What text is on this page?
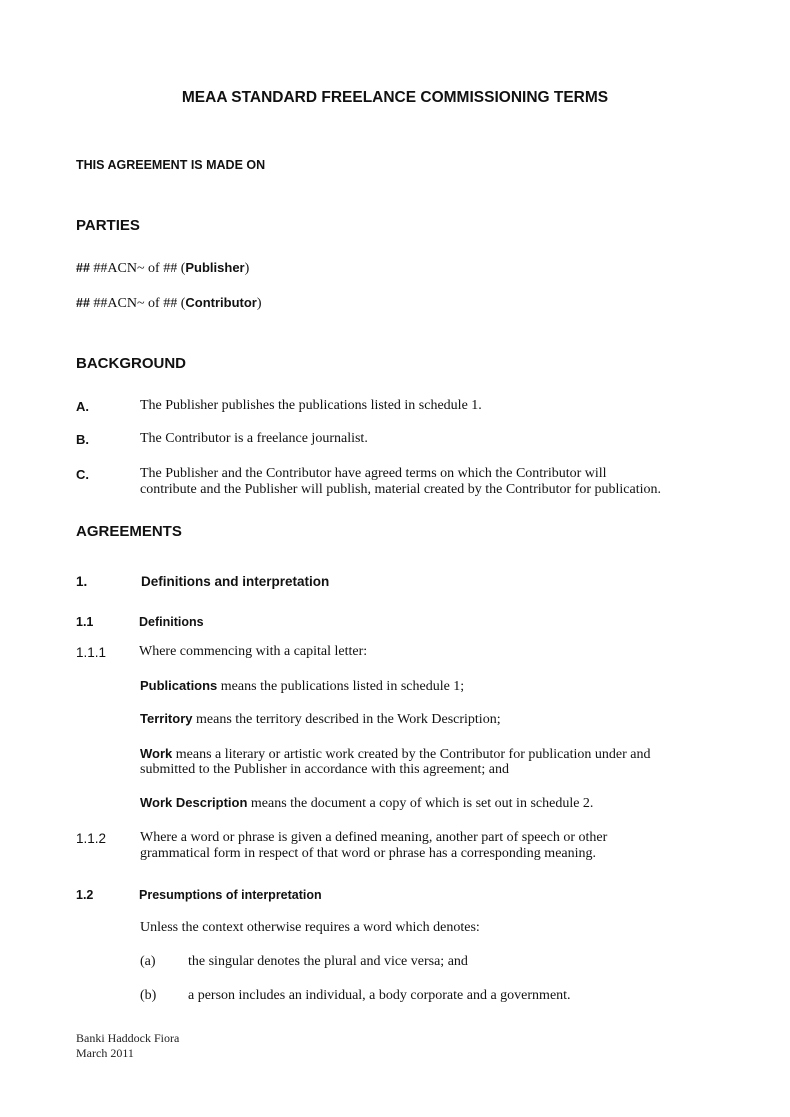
MEAA STANDARD FREELANCE COMMISSIONING TERMS
THIS AGREEMENT IS MADE ON
PARTIES
## ##ACN~ of ## (Publisher)
## ##ACN~ of ## (Contributor)
BACKGROUND
A.	The Publisher publishes the publications listed in schedule 1.
B.	The Contributor is a freelance journalist.
C.	The Publisher and the Contributor have agreed terms on which the Contributor will
contribute and the Publisher will publish, material created by the Contributor for publication.
AGREEMENTS
1.	Definitions and interpretation
1.1	Definitions
1.1.1 Where commencing with a capital letter:
Publications means the publications listed in schedule 1;
Territory means the territory described in the Work Description;
Work means a literary or artistic work created by the Contributor for publication under and
submitted to the Publisher in accordance with this agreement; and
Work Description means the document a copy of which is set out in schedule 2.
1.1.2 Where a word or phrase is given a defined meaning, another part of speech or other
grammatical form in respect of that word or phrase has a corresponding meaning.
1.2	Presumptions of interpretation
Unless the context otherwise requires a word which denotes:
(a) the singular denotes the plural and vice versa; and
(b) a person includes an individual, a body corporate and a government.
Banki Haddock Fiora
March 2011
